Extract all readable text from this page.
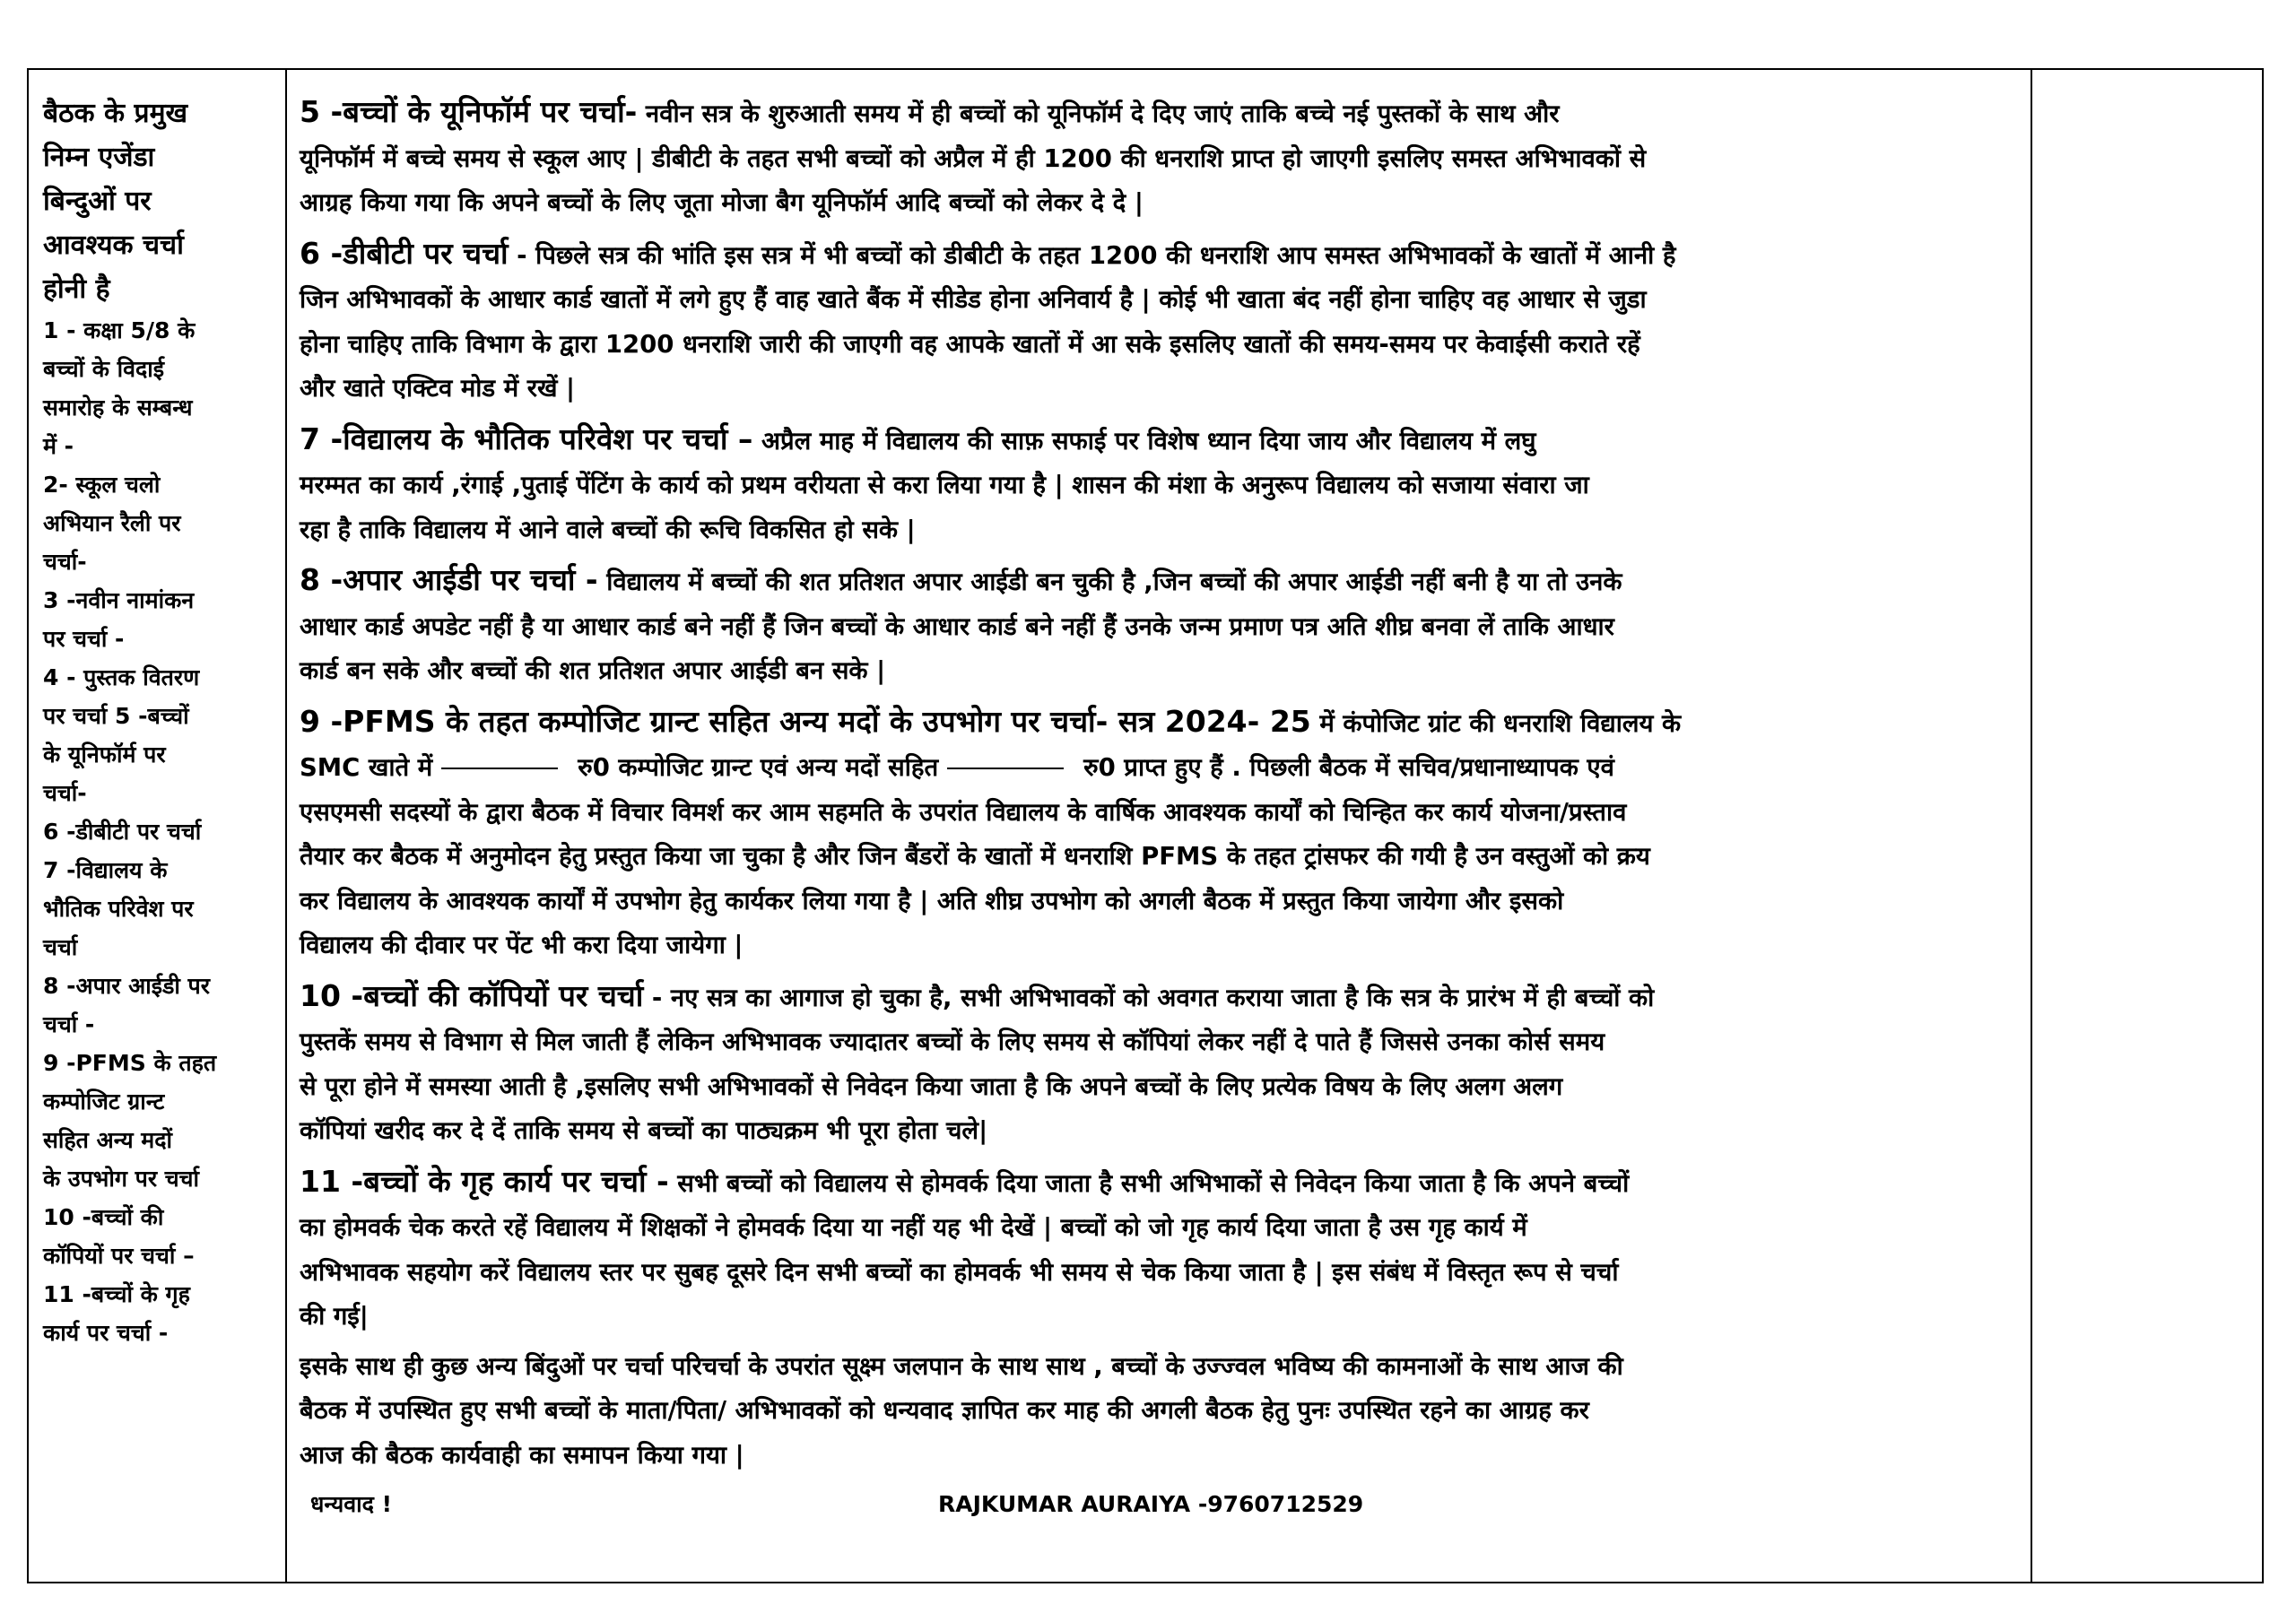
बैठक के प्रमुख

निम्न एजेंडा

बिन्दुओं पर

आवश्यक चर्चा

होनी है

1 - कक्षा 5/8 के

बच्चों के विदाई

समारोह के सम्बन्ध

में -

2- स्कूल चलो

अभियान रैली पर

चर्चा-

3 -नवीन नामांकन

पर चर्चा -

4 - पुस्तक वितरण

पर चर्चा 5 -बच्चों

के यूनिफॉर्म पर

चर्चा-

6 -डीबीटी पर चर्चा

7 -विद्यालय के

भौतिक परिवेश पर

चर्चा

8 -अपार आईडी पर

चर्चा -

9 -PFMS के तहत

कम्पोजिट ग्रान्ट

सहित अन्य मदों

के उपभोग पर चर्चा

10 -बच्चों की

कॉपियों पर चर्चा –

11 -बच्चों के गृह

कार्य पर चर्चा -

5 -बच्चों के यूनिफॉर्म पर चर्चा- नवीन सत्र के शुरुआती समय में ही बच्चों को यूनिफॉर्म दे दिए जाएं ताकि बच्चे नई पुस्तकों के साथ और

यूनिफॉर्म में बच्चे समय से स्कूल आए | डीबीटी के तहत सभी बच्चों को अप्रैल में ही 1200 की धनराशि प्राप्त हो जाएगी इसलिए समस्त अभिभावकों से

आग्रह किया गया कि अपने बच्चों के लिए जूता मोजा बैग यूनिफॉर्म आदि बच्चों को लेकर दे दे |

6 -डीबीटी पर चर्चा - पिछले सत्र की भांति इस सत्र में भी बच्चों को डीबीटी के तहत 1200 की धनराशि आप समस्त अभिभावकों के खातों में आनी है

जिन अभिभावकों के आधार कार्ड खातों में लगे हुए हैं वाह खाते बैंक में सीडेड होना अनिवार्य है | कोई भी खाता बंद नहीं होना चाहिए वह आधार से जुडा

होना चाहिए ताकि विभाग के द्वारा 1200 धनराशि जारी की जाएगी वह आपके खातों में आ सके इसलिए खातों की समय-समय पर केवाईसी कराते रहें

और खाते एक्टिव मोड में रखें |

7 -विद्यालय के भौतिक परिवेश पर चर्चा – अप्रैल माह में विद्यालय की साफ़ सफाई पर विशेष ध्यान दिया जाय और विद्यालय में लघु

मरम्मत का कार्य ,रंगाई ,पुताई पेंटिंग के कार्य को प्रथम वरीयता से करा लिया गया है | शासन की मंशा के अनुरूप विद्यालय को सजाया संवारा जा

रहा है ताकि विद्यालय में आने वाले बच्चों की रूचि विकसित हो सके |

8 -अपार आईडी पर चर्चा - विद्यालय में बच्चों की शत प्रतिशत अपार आईडी बन चुकी है ,जिन बच्चों की अपार आईडी नहीं बनी है या तो उनके

आधार कार्ड अपडेट नहीं है या आधार कार्ड बने नहीं हैं जिन बच्चों के आधार कार्ड बने नहीं हैं उनके जन्म प्रमाण पत्र अति शीघ्र बनवा लें ताकि आधार

कार्ड बन सके और बच्चों की शत प्रतिशत अपार आईडी बन सके |

9 -PFMS के तहत कम्पोजिट ग्रान्ट सहित अन्य मदों के उपभोग पर चर्चा- सत्र 2024- 25 में कंपोजिट ग्रांट की धनराशि विद्यालय के

SMC खाते में	रु0 कम्पोजिट ग्रान्ट एवं अन्य मदों सहित	रु0 प्राप्त हुए हैं . पिछली बैठक में सचिव/प्रधानाध्यापक एवं

एसएमसी सदस्यों के द्वारा बैठक में विचार विमर्श कर आम सहमति के उपरांत विद्यालय के वार्षिक आवश्यक कार्यों को चिन्हित कर कार्य योजना/प्रस्ताव

तैयार कर बैठक में अनुमोदन हेतु प्रस्तुत किया जा चुका है और जिन बैंडरों के खातों में धनराशि PFMS के तहत ट्रांसफर की गयी है उन वस्तुओं को क्रय

कर विद्यालय के आवश्यक कार्यों में उपभोग हेतु कार्यकर लिया गया है | अति शीघ्र उपभोग को अगली बैठक में प्रस्तुत किया जायेगा और इसको

विद्यालय की दीवार पर पेंट भी करा दिया जायेगा |

10 -बच्चों की कॉपियों पर चर्चा - नए सत्र का आगाज हो चुका है, सभी अभिभावकों को अवगत कराया जाता है कि सत्र के प्रारंभ में ही बच्चों को

पुस्तकें समय से विभाग से मिल जाती हैं लेकिन अभिभावक ज्यादातर बच्चों के लिए समय से कॉपियां लेकर नहीं दे पाते हैं जिससे उनका कोर्स समय

से पूरा होने में समस्या आती है ,इसलिए सभी अभिभावकों से निवेदन किया जाता है कि अपने बच्चों के लिए प्रत्येक विषय के लिए अलग अलग

कॉपियां खरीद कर दे दें ताकि समय से बच्चों का पाठ्यक्रम भी पूरा होता चले|

11 -बच्चों के गृह कार्य पर चर्चा - सभी बच्चों को विद्यालय से होमवर्क दिया जाता है सभी अभिभाकों से निवेदन किया जाता है कि अपने बच्चों

का होमवर्क चेक करते रहें विद्यालय में शिक्षकों ने होमवर्क दिया या नहीं यह भी देखें | बच्चों को जो गृह कार्य दिया जाता है उस गृह कार्य में

अभिभावक सहयोग करें विद्यालय स्तर पर सुबह दूसरे दिन सभी बच्चों का होमवर्क भी समय से चेक किया जाता है | इस संबंध में विस्तृत रूप से चर्चा

की गई|

इसके साथ ही कुछ अन्य बिंदुओं पर चर्चा परिचर्चा के उपरांत सूक्ष्म जलपान के साथ साथ , बच्चों के उज्ज्वल भविष्य की कामनाओं के साथ आज की

बैठक में उपस्थित हुए सभी बच्चों के माता/पिता/ अभिभावकों को धन्यवाद ज्ञापित कर माह की अगली बैठक हेतु पुनः उपस्थित रहने का आग्रह कर

आज की बैठक कार्यवाही का समापन किया गया |

धन्यवाद !	RAJKUMAR AURAIYA -9760712529
